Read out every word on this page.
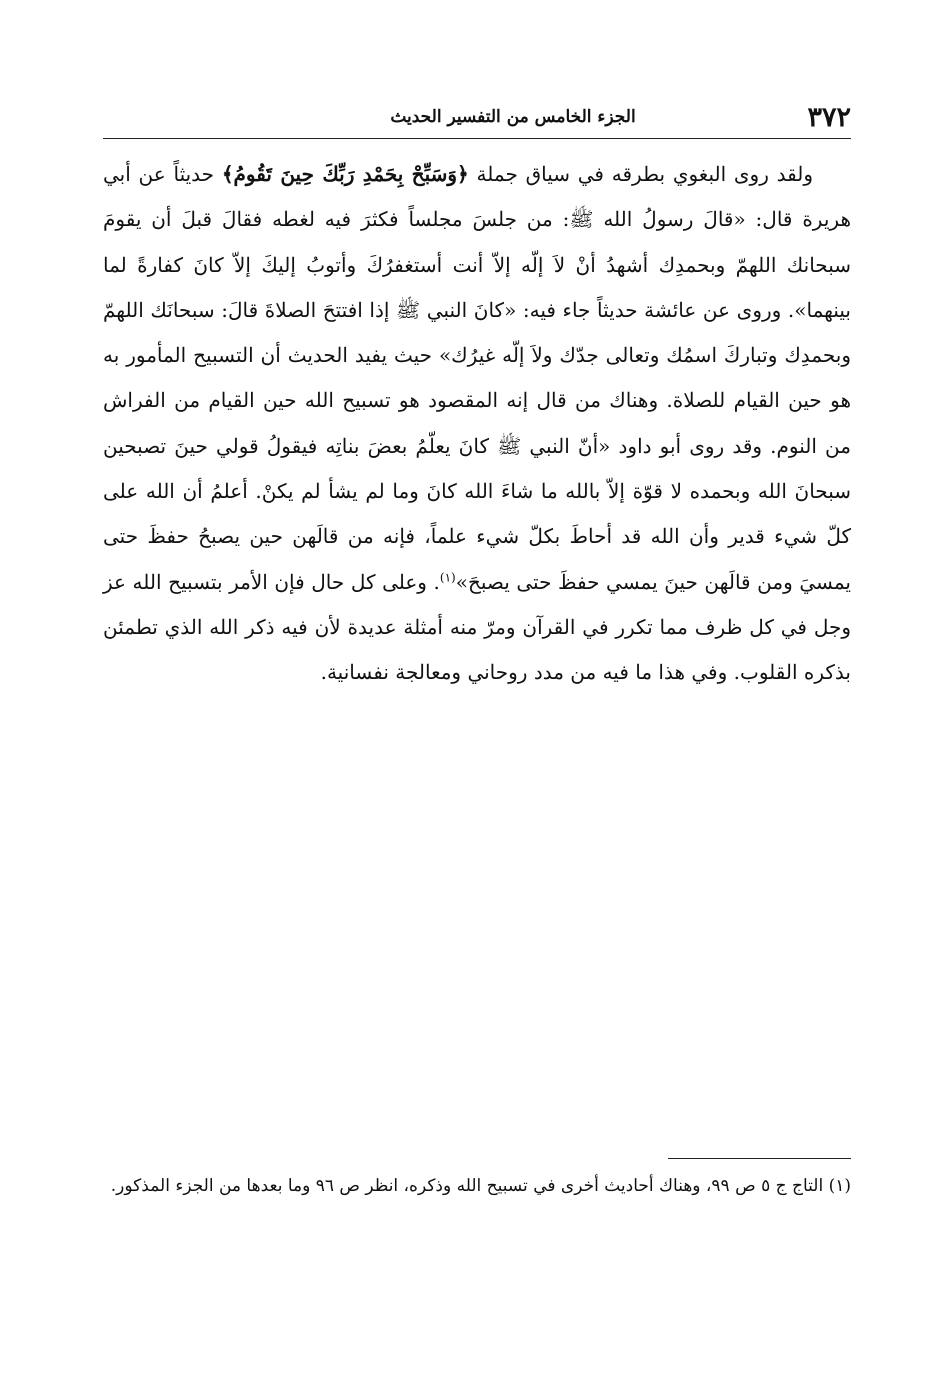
٣٧٢
الجزء الخامس من التفسير الحديث

ولقد روى البغوي بطرقه في سياق جملة ﴿وَسَبِّحْ بِحَمْدِ رَبِّكَ حِينَ تَقُومُ﴾ حديثاً عن أبي هريرة قال: «قالَ رسولُ الله ﷺ: من جلسَ مجلساً فكثرَ فيه لغطه فقالَ قبلَ أن يقومَ سبحانك اللهمّ وبحمدِك أشهدُ أنْ لاَ إلّه إلاّ أنت أستغفرُكَ وأتوبُ إليكَ إلاّ كانَ كفارةً لما بينهما». وروى عن عائشة حديثاً جاء فيه: «كانَ النبي ﷺ إذا افتتحَ الصلاةَ قالَ: سبحانَك اللهمّ وبحمدِك وتباركَ اسمُك وتعالى جدّك ولاَ إلّه غيرُك» حيث يفيد الحديث أن التسبيح المأمور به هو حين القيام للصلاة. وهناك من قال إنه المقصود هو تسبيح الله حين القيام من الفراش من النوم. وقد روى أبو داود «أنّ النبي ﷺ كانَ يعلّمُ بعضَ بناتِه فيقولُ قولي حينَ تصبحين سبحانَ الله وبحمده لا قوّة إلاّ بالله ما شاءَ الله كانَ وما لم يشأ لم يكنْ. أعلمُ أن الله على كلّ شيء قدير وأن الله قد أحاطَ بكلّ شيء علماً، فإنه من قالَهن حين يصبحُ حفظَ حتى يمسيَ ومن قالَهن حينَ يمسي حفظَ حتى يصبحَ»$^{(١)}$. وعلى كل حال فإن الأمر بتسبيح الله عز وجل في كل ظرف مما تكرر في القرآن ومرّ منه أمثلة عديدة لأن فيه ذكر الله الذي تطمئن بذكره القلوب. وفي هذا ما فيه من مدد روحاني ومعالجة نفسانية.

(١) التاج ج ٥ ص ٩٩، وهناك أحاديث أخرى في تسبيح الله وذكره، انظر ص ٩٦ وما بعدها من الجزء المذكور.
